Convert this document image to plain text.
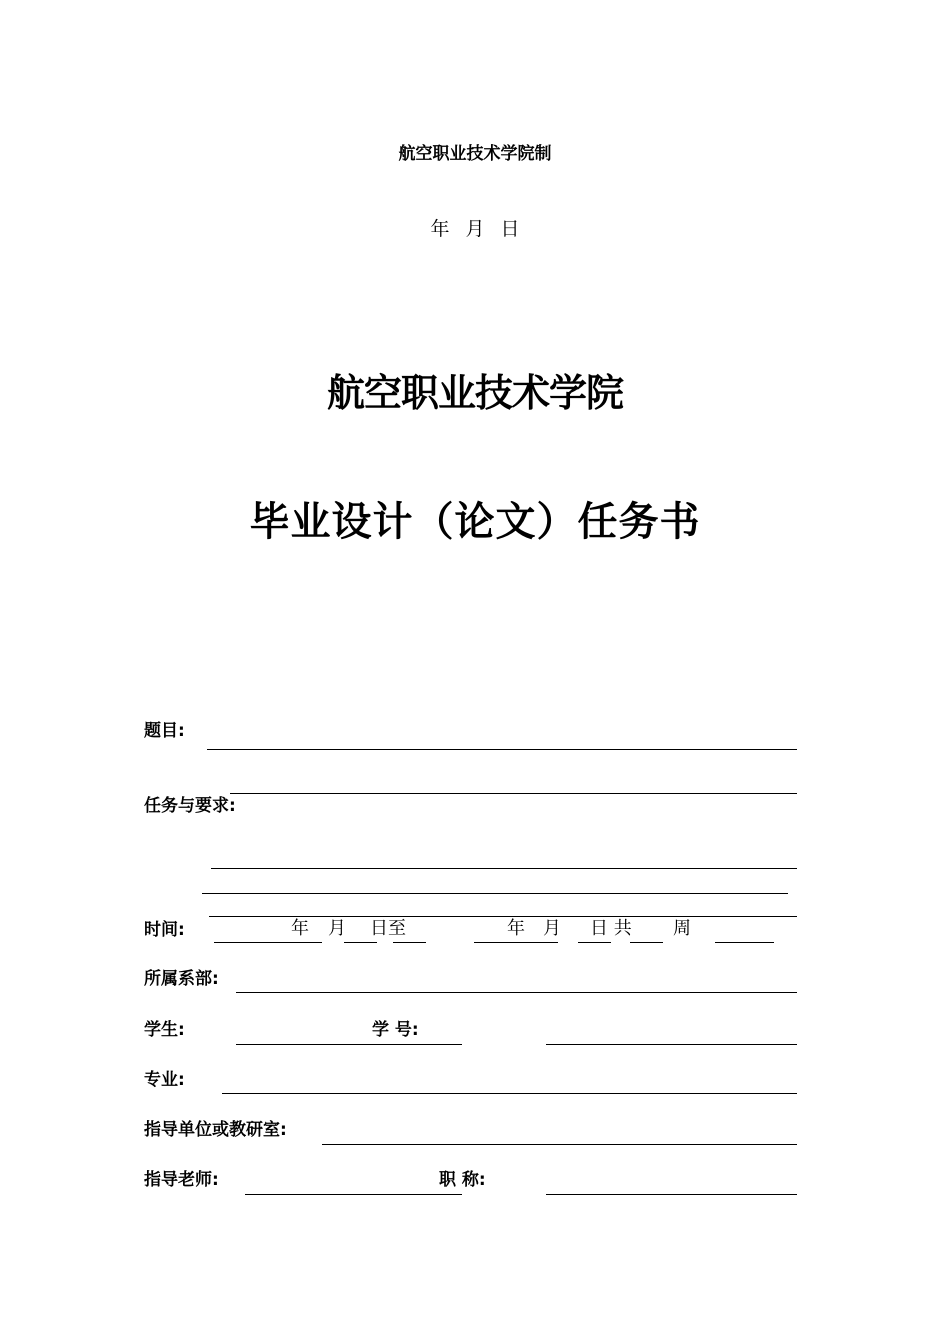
航空职业技术学院制
年 月 日
航空职业技术学院
毕业设计（论文）任务书
题目:
任务与要求:
时间:	年 月 日至	年 月 日 共 周
所属系部:
学生:	学 号:
专业:
指导单位或教研室:
指导老师:	职 称:
